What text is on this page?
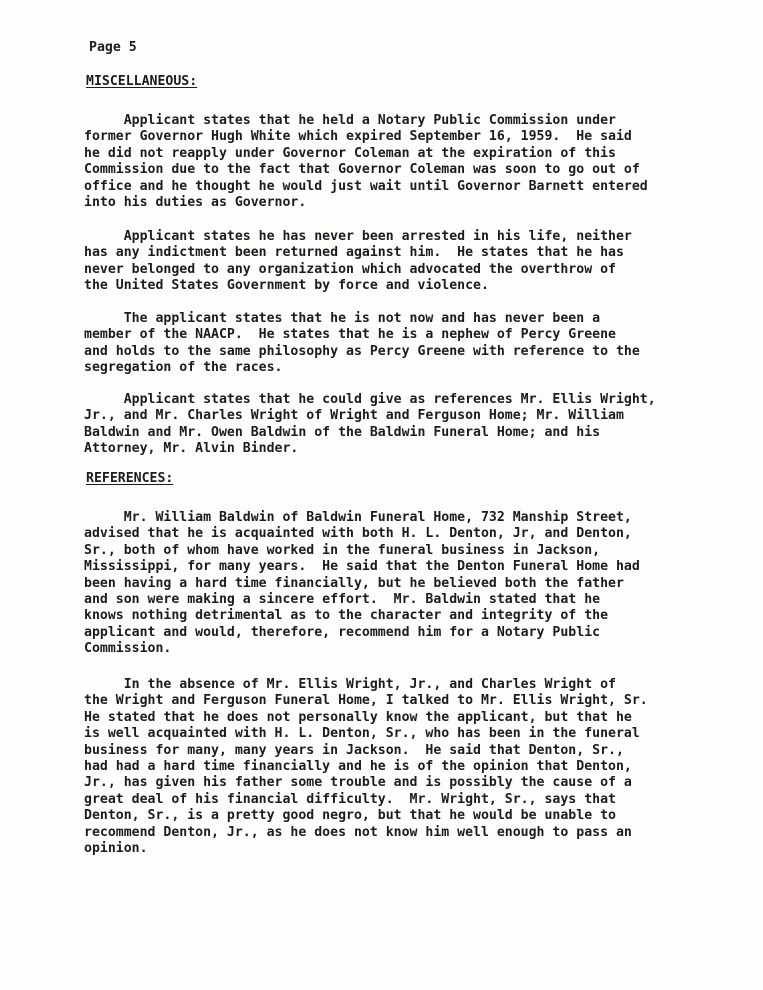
Page 5

MISCELLANEOUS:

Applicant states that he held a Notary Public Commission under
former Governor Hugh White which expired September 16, 1959.  He said
he did not reapply under Governor Coleman at the expiration of this
Commission due to the fact that Governor Coleman was soon to go out of
office and he thought he would just wait until Governor Barnett entered
into his duties as Governor.

Applicant states he has never been arrested in his life, neither
has any indictment been returned against him.  He states that he has
never belonged to any organization which advocated the overthrow of
the United States Government by force and violence.

The applicant states that he is not now and has never been a
member of the NAACP.  He states that he is a nephew of Percy Greene
and holds to the same philosophy as Percy Greene with reference to the
segregation of the races.

Applicant states that he could give as references Mr. Ellis Wright,
Jr., and Mr. Charles Wright of Wright and Ferguson Home; Mr. William
Baldwin and Mr. Owen Baldwin of the Baldwin Funeral Home; and his
Attorney, Mr. Alvin Binder.

REFERENCES:

Mr. William Baldwin of Baldwin Funeral Home, 732 Manship Street,
advised that he is acquainted with both H. L. Denton, Jr, and Denton,
Sr., both of whom have worked in the funeral business in Jackson,
Mississippi, for many years.  He said that the Denton Funeral Home had
been having a hard time financially, but he believed both the father
and son were making a sincere effort.  Mr. Baldwin stated that he
knows nothing detrimental as to the character and integrity of the
applicant and would, therefore, recommend him for a Notary Public
Commission.

In the absence of Mr. Ellis Wright, Jr., and Charles Wright of
the Wright and Ferguson Funeral Home, I talked to Mr. Ellis Wright, Sr.
He stated that he does not personally know the applicant, but that he
is well acquainted with H. L. Denton, Sr., who has been in the funeral
business for many, many years in Jackson.  He said that Denton, Sr.,
had had a hard time financially and he is of the opinion that Denton,
Jr., has given his father some trouble and is possibly the cause of a
great deal of his financial difficulty.  Mr. Wright, Sr., says that
Denton, Sr., is a pretty good negro, but that he would be unable to
recommend Denton, Jr., as he does not know him well enough to pass an
opinion.
